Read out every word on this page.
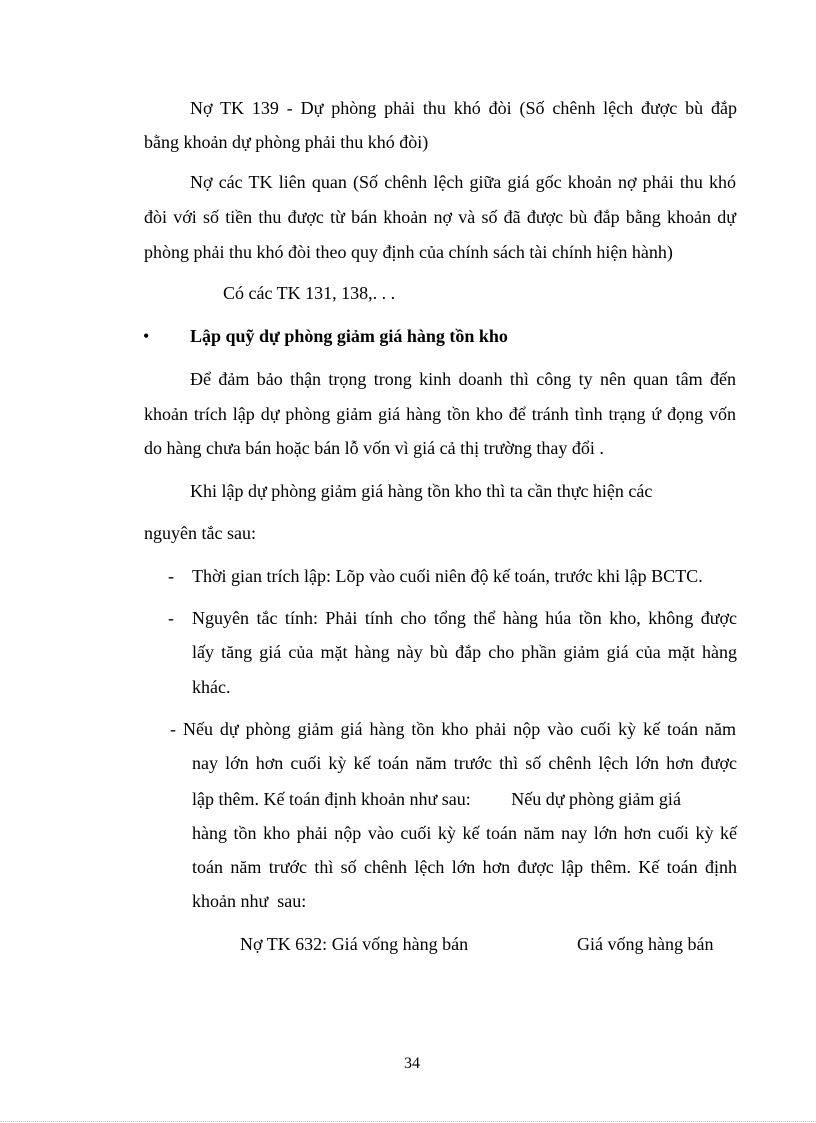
Nợ TK 139 - Dự phòng phải thu khó đòi (Số chênh lệch được bù đắp
bằng khoản dự phòng phải thu khó đòi)
Nợ các TK liên quan (Số chênh lệch giữa giá gốc khoản nợ phải thu khó
đòi với số tiền thu được từ bán khoản nợ và số đã được bù đắp bằng khoản dự
phòng phải thu khó đòi theo quy định của chính sách tài chính hiện hành)
Có các TK 131, 138,. . .
• Lập quỹ dự phòng giảm giá hàng tồn kho
Để đảm bảo thận trọng trong kinh doanh thì công ty nên quan tâm đến
khoản trích lập dự phòng giảm giá hàng tồn kho để tránh tình trạng ứ đọng vốn
do hàng chưa bán hoặc bán lỗ vốn vì giá cả thị trường thay đổi .
Khi lập dự phòng giảm giá hàng tồn kho thì ta cần thực hiện các
nguyên tắc sau:
- Thời gian trích lập: Lõp vào cuối niên độ kế toán, trước khi lập BCTC.
- Nguyên tắc tính: Phải tính cho tổng thể hàng húa tồn kho, không được
lấy tăng giá của mặt hàng này bù đắp cho phần giảm giá của mặt hàng
khác.
- Nếu dự phòng giảm giá hàng tồn kho phải nộp vào cuối kỳ kế toán năm
nay lớn hơn cuối kỳ kế toán năm trước thì số chênh lệch lớn hơn được
lập thêm. Kế toán định khoản như sau:         Nếu dự phòng giảm giá
hàng tồn kho phải nộp vào cuối kỳ kế toán năm nay lớn hơn cuối kỳ kế
toán năm trước thì số chênh lệch lớn hơn được lập thêm. Kế toán định
khoản như  sau:
Nợ TK 632: Giá vống hàng bán	Giá vống hàng bán
34
